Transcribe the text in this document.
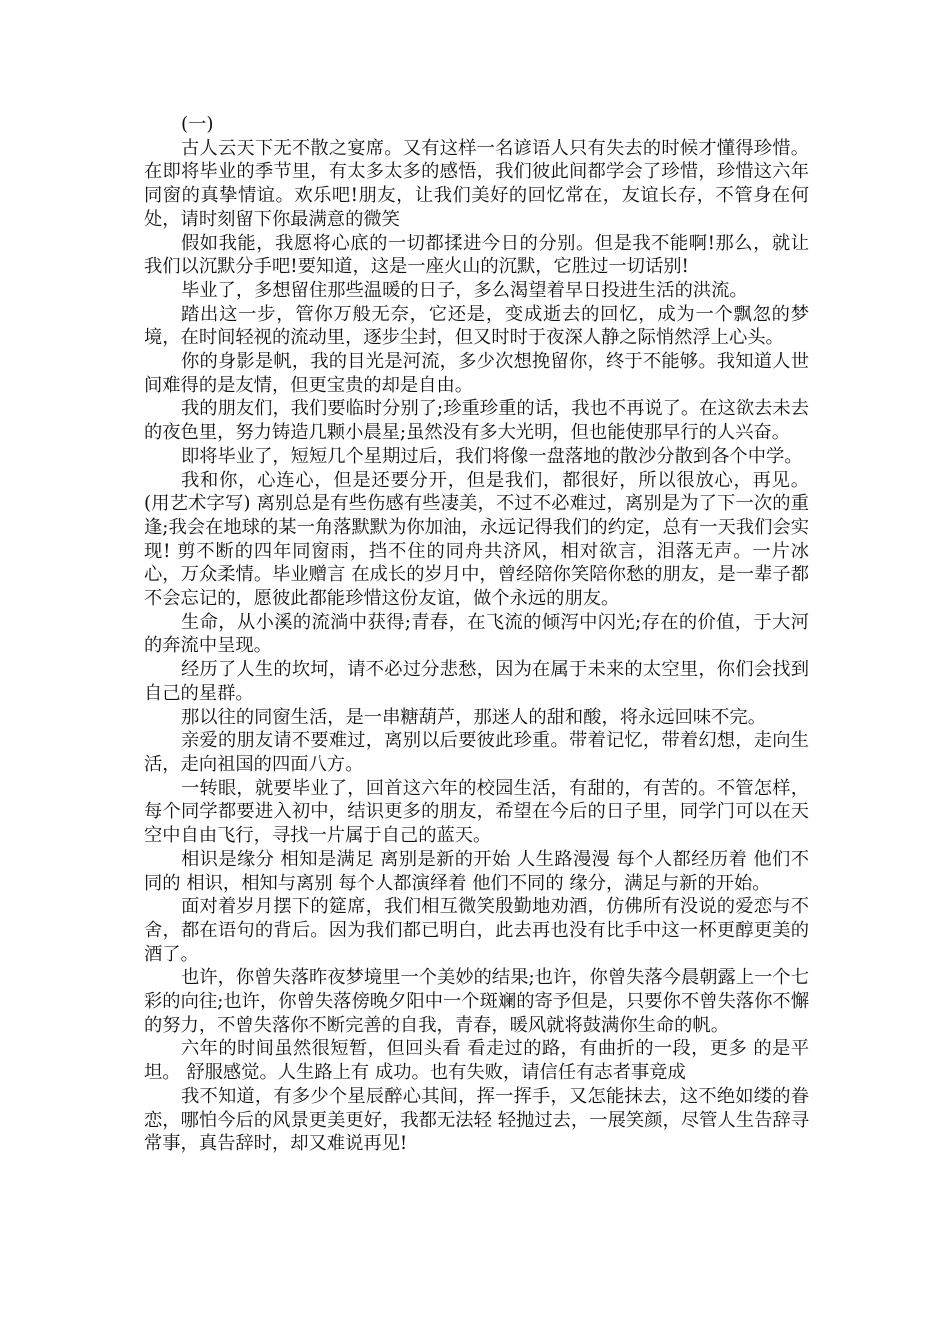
(一)

古人云天下无不散之宴席。又有这样一名谚语人只有失去的时候才懂得珍惜。在即将毕业的季节里，有太多太多的感悟，我们彼此间都学会了珍惜，珍惜这六年同窗的真挚情谊。欢乐吧!朋友，让我们美好的回忆常在，友谊长存，不管身在何处，请时刻留下你最满意的微笑

假如我能，我愿将心底的一切都揉进今日的分别。但是我不能啊!那么，就让我们以沉默分手吧!要知道，这是一座火山的沉默，它胜过一切话别!

毕业了，多想留住那些温暖的日子，多么渴望着早日投进生活的洪流。

踏出这一步，管你万般无奈，它还是，变成逝去的回忆，成为一个飘忽的梦境，在时间轻视的流动里，逐步尘封，但又时时于夜深人静之际悄然浮上心头。

你的身影是帆，我的目光是河流，多少次想挽留你，终于不能够。我知道人世间难得的是友情，但更宝贵的却是自由。

我的朋友们，我们要临时分别了;珍重珍重的话，我也不再说了。在这欲去未去的夜色里，努力铸造几颗小晨星;虽然没有多大光明，但也能使那早行的人兴奋。

即将毕业了，短短几个星期过后，我们将像一盘落地的散沙分散到各个中学。

我和你，心连心，但是还要分开，但是我们，都很好，所以很放心，再见。(用艺术字写) 离别总是有些伤感有些凄美，不过不必难过，离别是为了下一次的重逢;我会在地球的某一角落默默为你加油，永远记得我们的约定，总有一天我们会实现! 剪不断的四年同窗雨，挡不住的同舟共济风，相对欲言，泪落无声。一片冰心，万众柔情。毕业赠言 在成长的岁月中，曾经陪你笑陪你愁的朋友，是一辈子都不会忘记的，愿彼此都能珍惜这份友谊，做个永远的朋友。

生命，从小溪的流淌中获得;青春，在飞流的倾泻中闪光;存在的价值，于大河的奔流中呈现。

经历了人生的坎坷，请不必过分悲愁，因为在属于未来的太空里，你们会找到自己的星群。

那以往的同窗生活，是一串糖葫芦，那迷人的甜和酸，将永远回味不完。

亲爱的朋友请不要难过，离别以后要彼此珍重。带着记忆，带着幻想，走向生活，走向祖国的四面八方。

一转眼，就要毕业了，回首这六年的校园生活，有甜的，有苦的。不管怎样，每个同学都要进入初中，结识更多的朋友，希望在今后的日子里，同学门可以在天空中自由飞行，寻找一片属于自己的蓝天。

相识是缘分 相知是满足 离别是新的开始 人生路漫漫 每个人都经历着 他们不同的 相识，相知与离别 每个人都演绎着 他们不同的 缘分，满足与新的开始。

面对着岁月摆下的筵席，我们相互微笑殷勤地劝酒，仿佛所有没说的爱恋与不舍，都在语句的背后。因为我们都已明白，此去再也没有比手中这一杯更醇更美的酒了。

也许，你曾失落昨夜梦境里一个美妙的结果;也许，你曾失落今晨朝露上一个七彩的向往;也许，你曾失落傍晚夕阳中一个斑斓的寄予但是，只要你不曾失落你不懈的努力，不曾失落你不断完善的自我，青春，暖风就将鼓满你生命的帆。

六年的时间虽然很短暂，但回头看 看走过的路，有曲折的一段，更多 的是平坦。 舒服感觉。人生路上有 成功。也有失败，请信任有志者事竟成

我不知道，有多少个星辰醉心其间，挥一挥手，又怎能抹去，这不绝如缕的眷恋，哪怕今后的风景更美更好，我都无法轻 轻抛过去，一展笑颜，尽管人生告辞寻常事，真告辞时，却又难说再见!
